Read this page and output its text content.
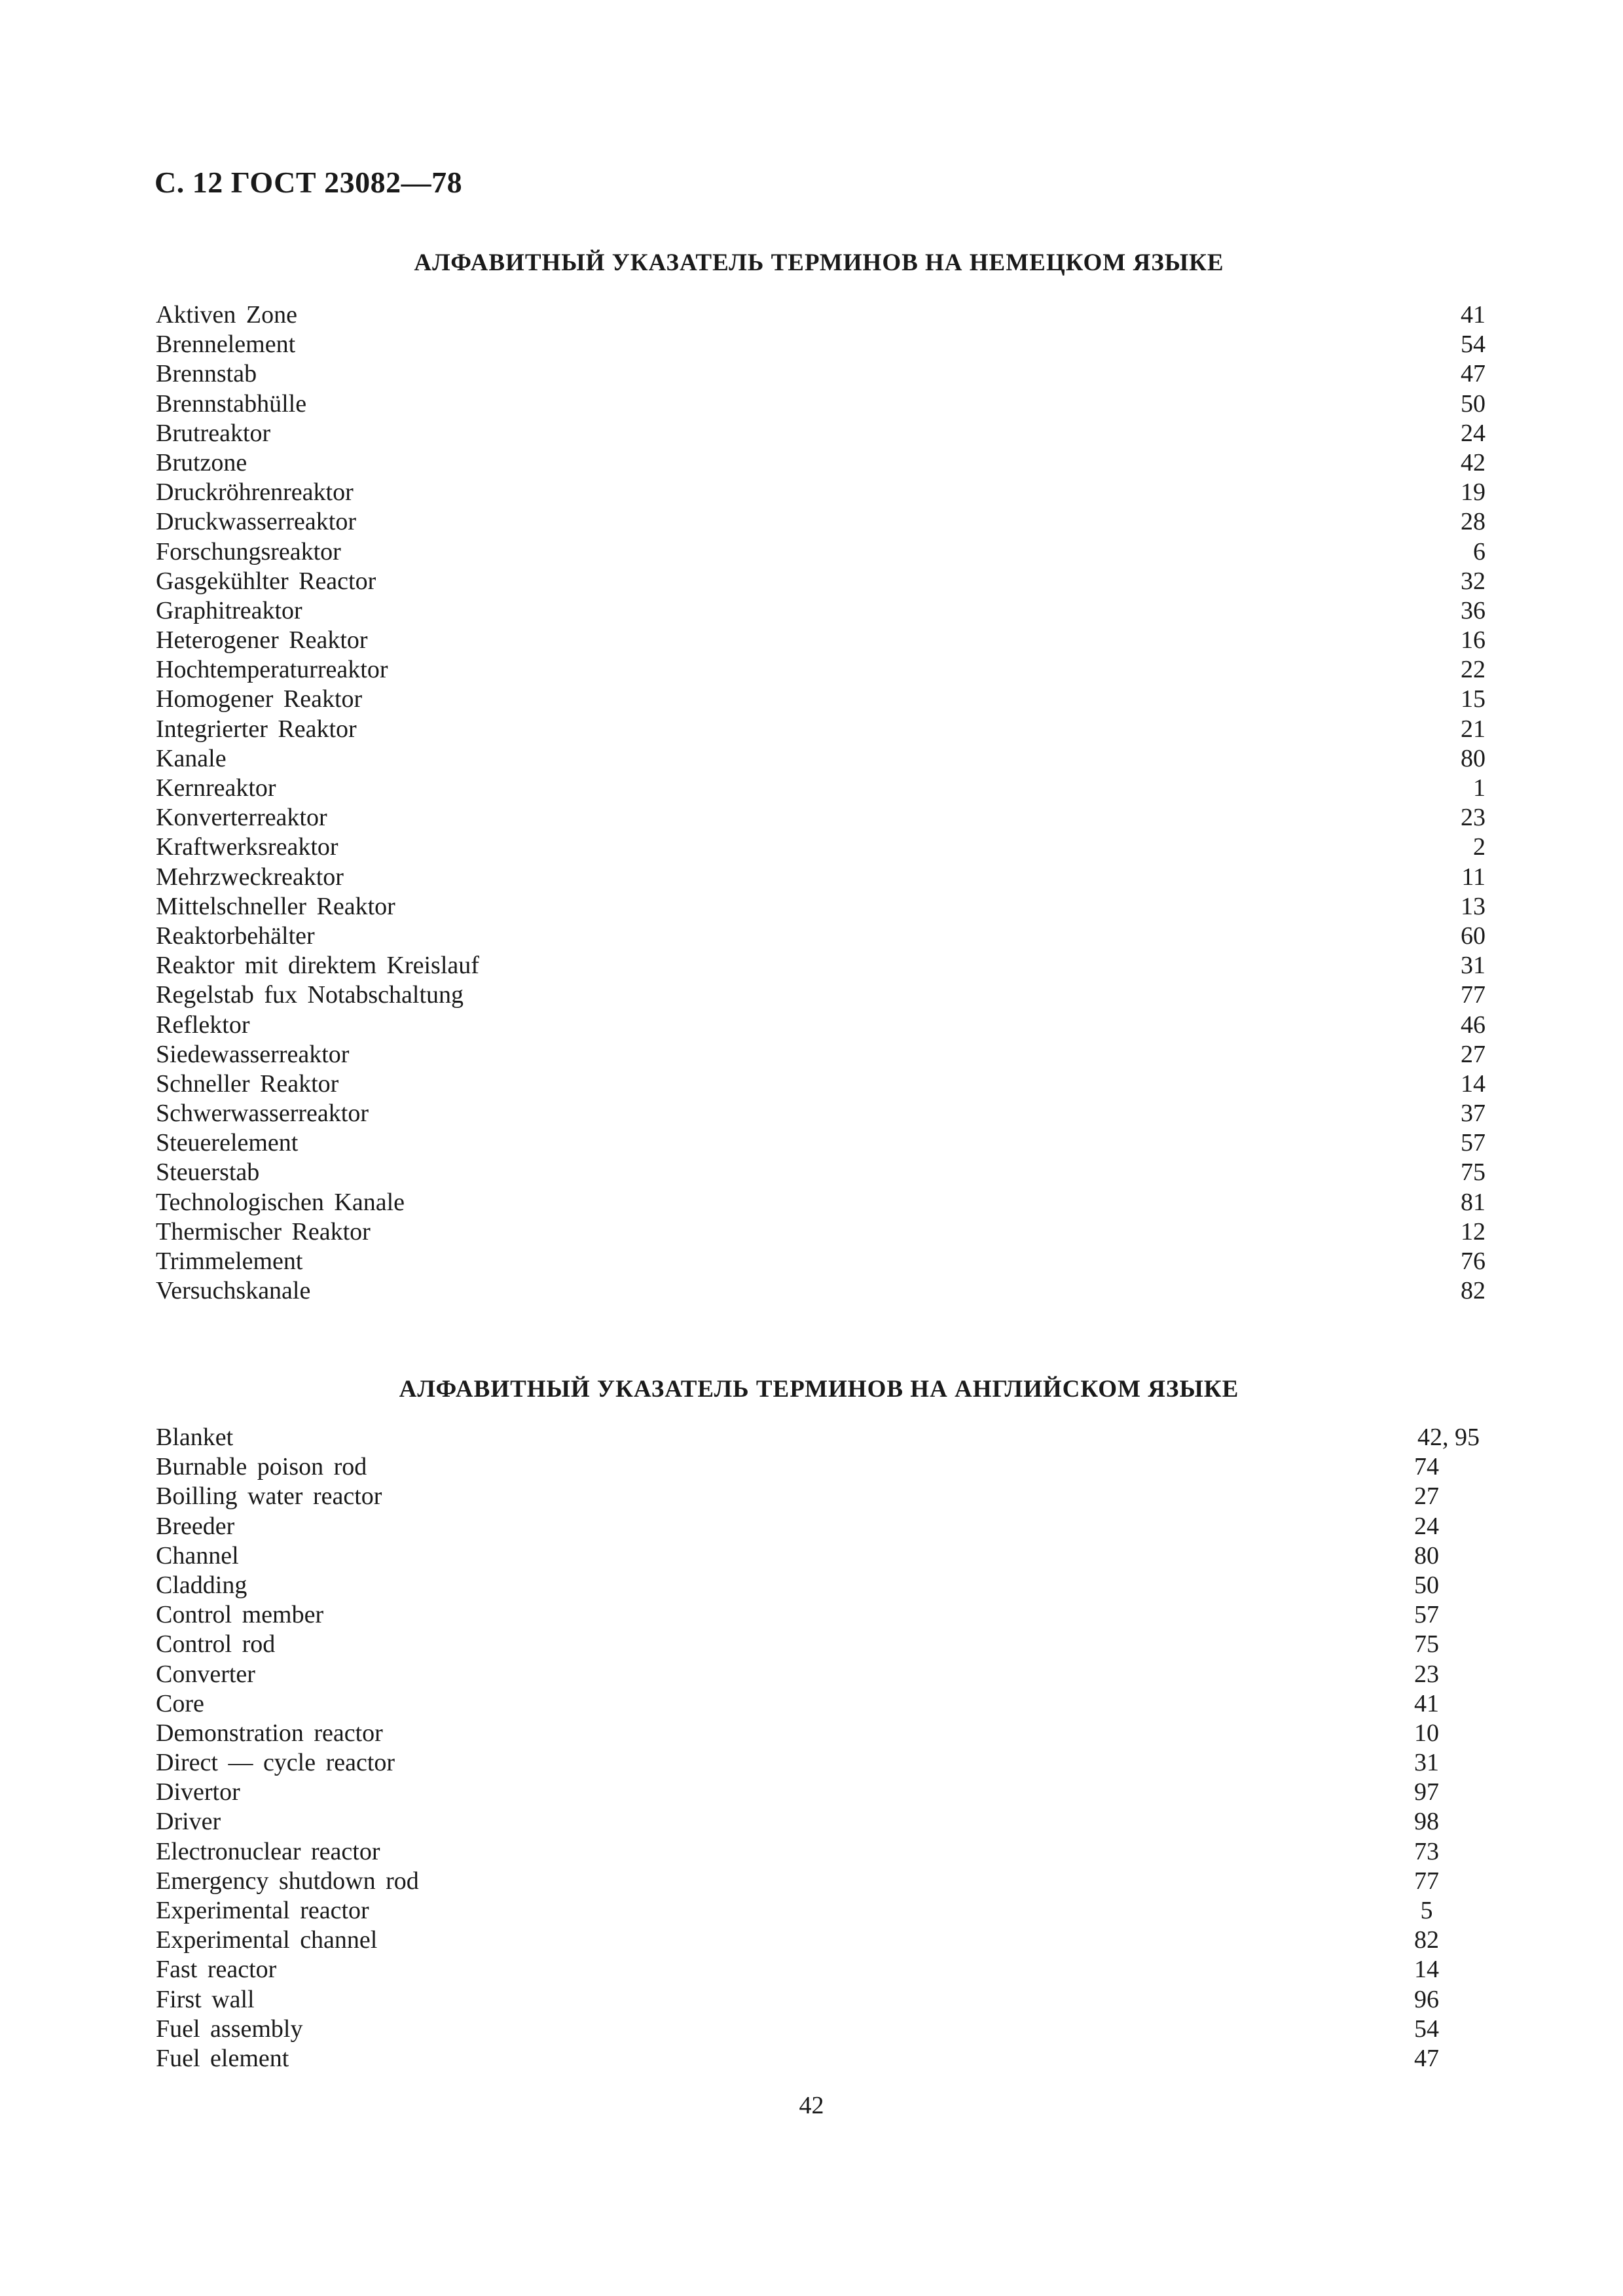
С. 12 ГОСТ 23082—78
АЛФАВИТНЫЙ УКАЗАТЕЛЬ ТЕРМИНОВ НА НЕМЕЦКОМ ЯЗЫКЕ
Aktiven Zone	41
Brennelement	54
Brennstab	47
Brennstabhülle	50
Brutreaktor	24
Brutzone	42
Druckröhrenreaktor	19
Druckwasserreaktor	28
Forschungsreaktor	6
Gasgekühlter Reactor	32
Graphitreaktor	36
Heterogener Reaktor	16
Hochtemperaturreaktor	22
Homogener Reaktor	15
Integrierter Reaktor	21
Kanale	80
Kernreaktor	1
Konverterreaktor	23
Kraftwerksreaktor	2
Mehrzweckreaktor	11
Mittelschneller Reaktor	13
Reaktorbehälter	60
Reaktor mit direktem Kreislauf	31
Regelstab fux Notabschaltung	77
Reflektor	46
Siedewasserreaktor	27
Schneller Reaktor	14
Schwerwasserreaktor	37
Steuerelement	57
Steuerstab	75
Technologischen Kanale	81
Thermischer Reaktor	12
Trimmelement	76
Versuchskanale	82
АЛФАВИТНЫЙ УКАЗАТЕЛЬ ТЕРМИНОВ НА АНГЛИЙСКОМ ЯЗЫКЕ
Blanket	42, 95
Burnable poison rod	74
Boilling water reactor	27
Breeder	24
Channel	80
Cladding	50
Control member	57
Control rod	75
Converter	23
Core	41
Demonstration reactor	10
Direct — cycle reactor	31
Divertor	97
Driver	98
Electronuclear reactor	73
Emergency shutdown rod	77
Experimental reactor	5
Experimental channel	82
Fast reactor	14
First wall	96
Fuel assembly	54
Fuel element	47
42
